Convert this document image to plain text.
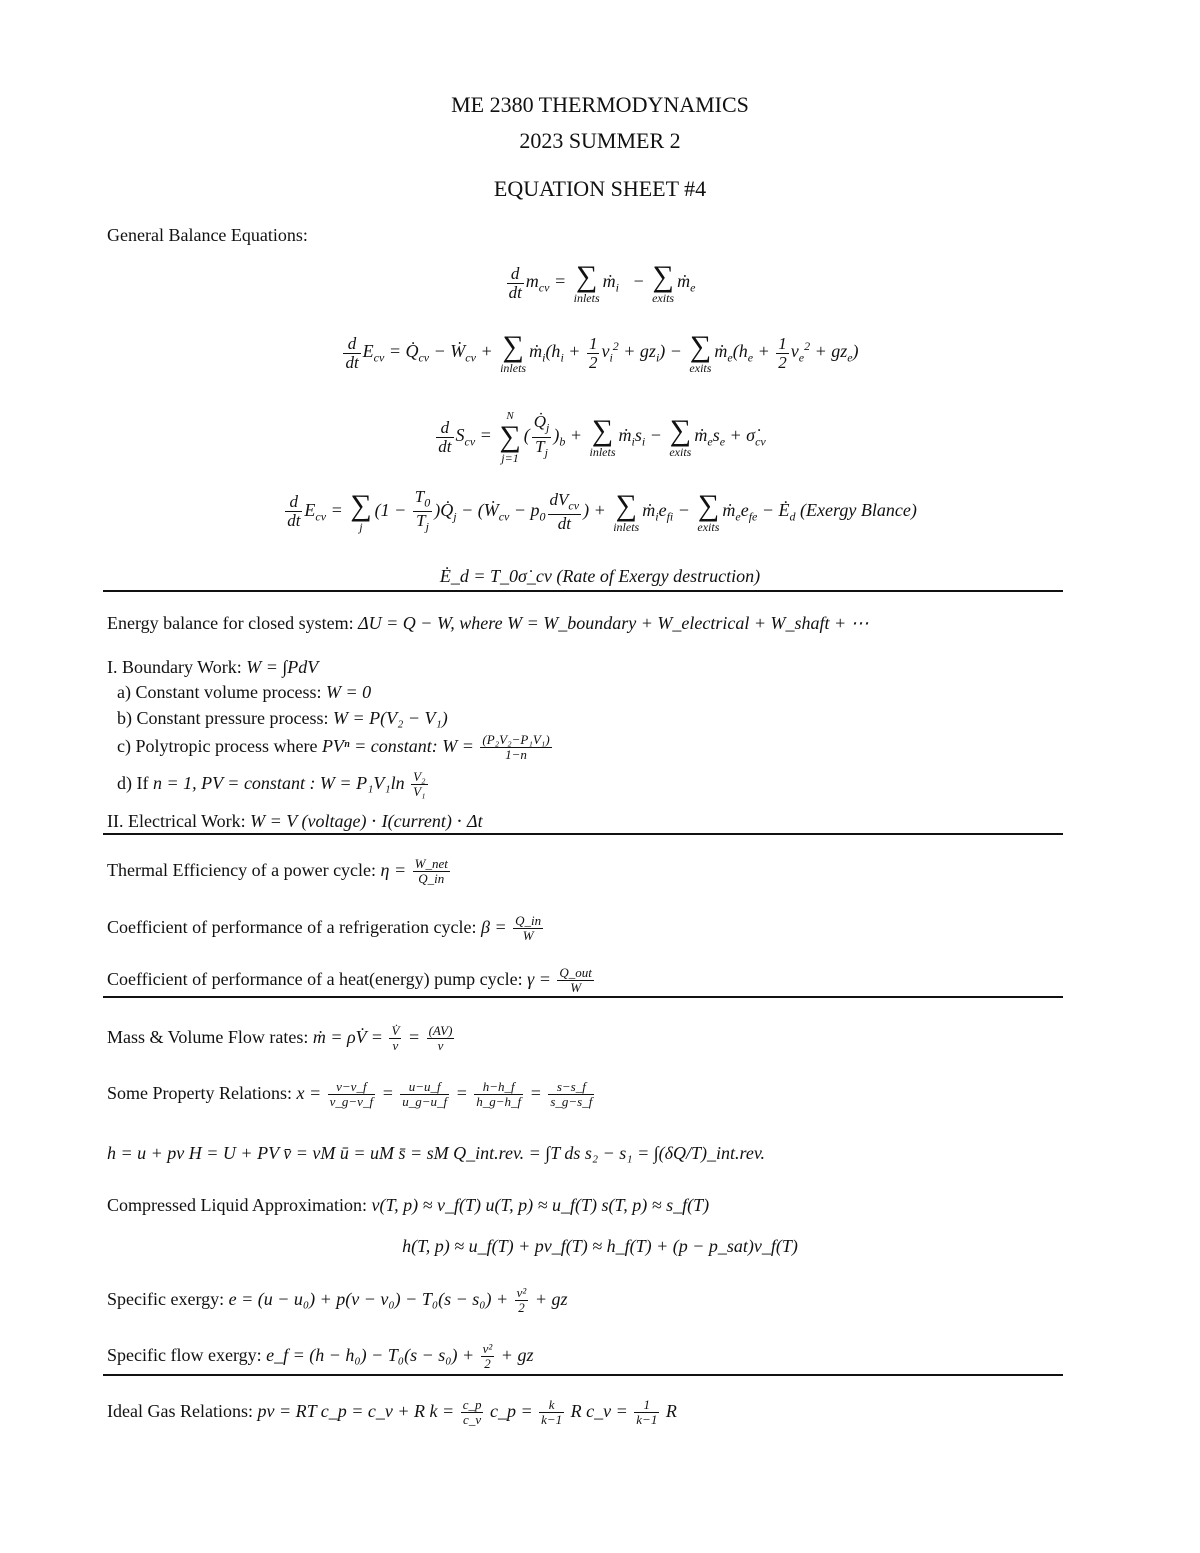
ME 2380 THERMODYNAMICS
2023 SUMMER 2
EQUATION SHEET #4
General Balance Equations:
$\frac{d}{dt} m_{cv}$ = ∑
inlets
ṁ$_i$   − ∑
exits
ṁ$_e$
$\frac{d}{dt} E_{cv}$ = $Q̇_{cv}$ − Ẇ$_{cv}$ + ∑
inlets
$ṁ_i(h_i + \frac{1}{2} v_i^2 + gz_i)$ − ∑
exits
$ṁ_e(h_e + \frac{1}{2} v_e^2 + gz_e)$
$\frac{d}{dt} S_{cv}$ =
N
∑
j=1
( $\frac{Q̇_j}{T_j} )_b$ + ∑
inlets
$ṁ_is_i$ − ∑
exits
$ṁ_es_e$ + $\sigmȧ_{cv}$
$\frac{d}{dt} E_{cv}$ = ∑
j
($1 - \frac{T_0}{T_j}$ )$Q̇_j$ − (Ẇ$_{cv}$ − $p_0 \frac{dV_{cv}}{dt}$ ) + ∑
inlets
$ṁ_ie_{fi}$ − ∑
exits
$ṁ_ee_{fe}$ − $Ė_d$ (Exergy Blance)
Ė_d = T_0σ̇_cv (Rate of Exergy destruction)
Energy balance for closed system: ΔU = Q − W, where W = W_boundary + W_electrical + W_shaft + ⋯
I. Boundary Work: W = ∫PdV
a) Constant volume process: W = 0
b) Constant pressure process: W = P(V₂ − V₁)
c) Polytropic process where PVⁿ = constant: $W = \frac{\text{(P₂V₂−P₁V₁)}}{1-n}$
d) If n = 1, PV = constant : $W = P_1V_1\ln \frac{\text{V₂}}{\text{V₁}}$
II. Electrical Work: W = V (voltage) ⋅ I(current) ⋅ Δt
Thermal Efficiency of a power cycle: $\eta = \frac{\text{W\_net}}{Q\_in}$
Coefficient of performance of a refrigeration cycle: $\beta = \frac{Q\_in}{W}$
Coefficient of performance of a heat(energy) pump cycle: $\gamma = \frac{\text{Q\_out}}{W}$
Mass & Volume Flow rates: ṁ = ρV̇ = $\frac{V̇}{v} = \frac{(AV)}{v}$
Some Property Relations: $x = \frac{v-v\_f}{v\_g-v\_f} = \frac{u-u\_f}{u\_g-u\_f} = \frac{h-h\_f}{h\_g-h\_f} = \frac{s-s\_f}{s\_g-s\_f}$
h = u + pv H = U + PV v̄ = vM ū = uM s̄ = sM Q_int.rev. = ∫T ds s₂ − s₁ = ∫(δQ/T)_int.rev.
Compressed Liquid Approximation: v(T, p) ≈ v_f(T) u(T, p) ≈ u_f(T) s(T, p) ≈ s_f(T)
h(T, p) ≈ u_f(T) + pv_f(T) ≈ h_f(T) + (p − p_sat)v_f(T)
Specific exergy: $e = (u - u_0) + p(v - v_0) - T_0(s - s_0) + \frac{\text{v²}}{2}$ + gz
Specific flow exergy: e_f = $(h - h_0) - T_0(s - s_0) + \frac{\text{v²}}{2}$ + gz
Ideal Gas Relations: pv = RT c_p = c_v + R $k = \frac{c\_p}{c\_v}$ c_p = $\frac{k}{k-1}$ R c_v = $\frac{1}{k-1}$ R
